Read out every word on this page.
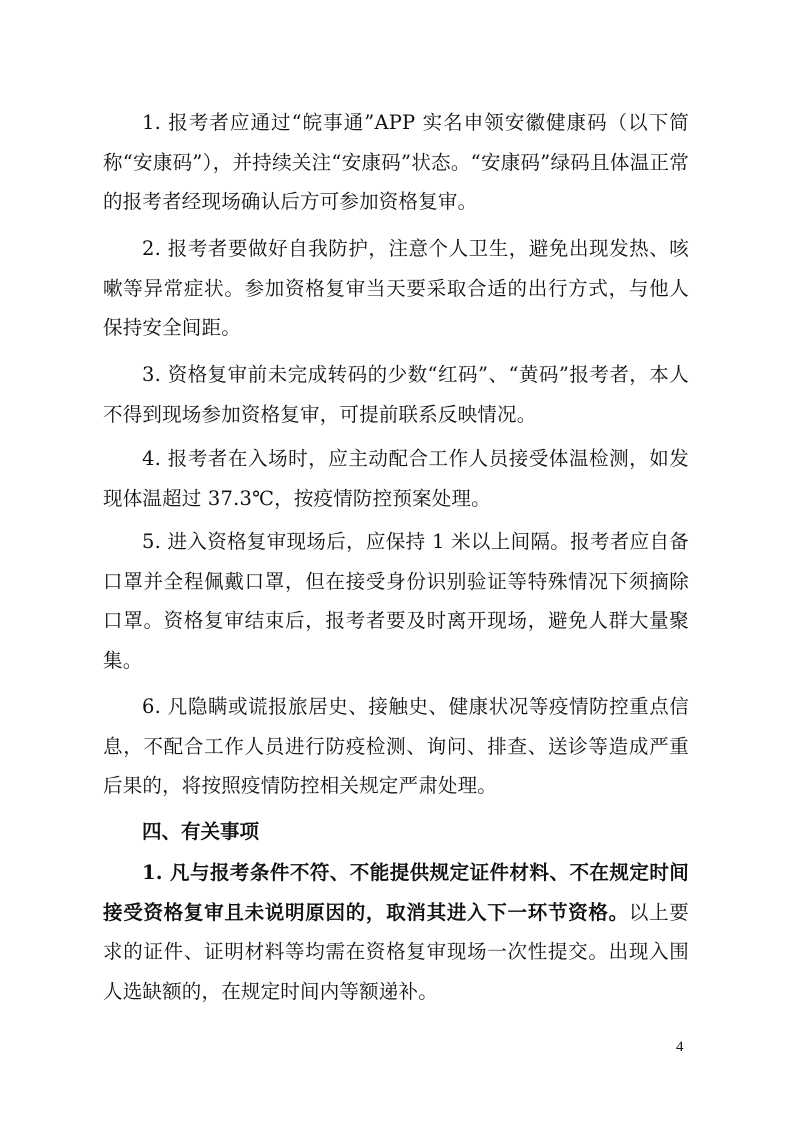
1. 报考者应通过“皖事通”APP 实名申领安徽健康码（以下简称“安康码”），并持续关注“安康码”状态。“安康码”绿码且体温正常的报考者经现场确认后方可参加资格复审。

2. 报考者要做好自我防护，注意个人卫生，避免出现发热、咳嗽等异常症状。参加资格复审当天要采取合适的出行方式，与他人保持安全间距。

3. 资格复审前未完成转码的少数“红码”、“黄码”报考者，本人不得到现场参加资格复审，可提前联系反映情况。

4. 报考者在入场时，应主动配合工作人员接受体温检测，如发现体温超过 37.3℃，按疫情防控预案处理。

5. 进入资格复审现场后，应保持 1 米以上间隔。报考者应自备口罩并全程佩戴口罩，但在接受身份识别验证等特殊情况下须摘除口罩。资格复审结束后，报考者要及时离开现场，避免人群大量聚集。

6. 凡隐瞒或谎报旅居史、接触史、健康状况等疫情防控重点信息，不配合工作人员进行防疫检测、询问、排查、送诊等造成严重后果的，将按照疫情防控相关规定严肃处理。

四、有关事项

1. 凡与报考条件不符、不能提供规定证件材料、不在规定时间接受资格复审且未说明原因的，取消其进入下一环节资格。以上要求的证件、证明材料等均需在资格复审现场一次性提交。出现入围人选缺额的，在规定时间内等额递补。

4
